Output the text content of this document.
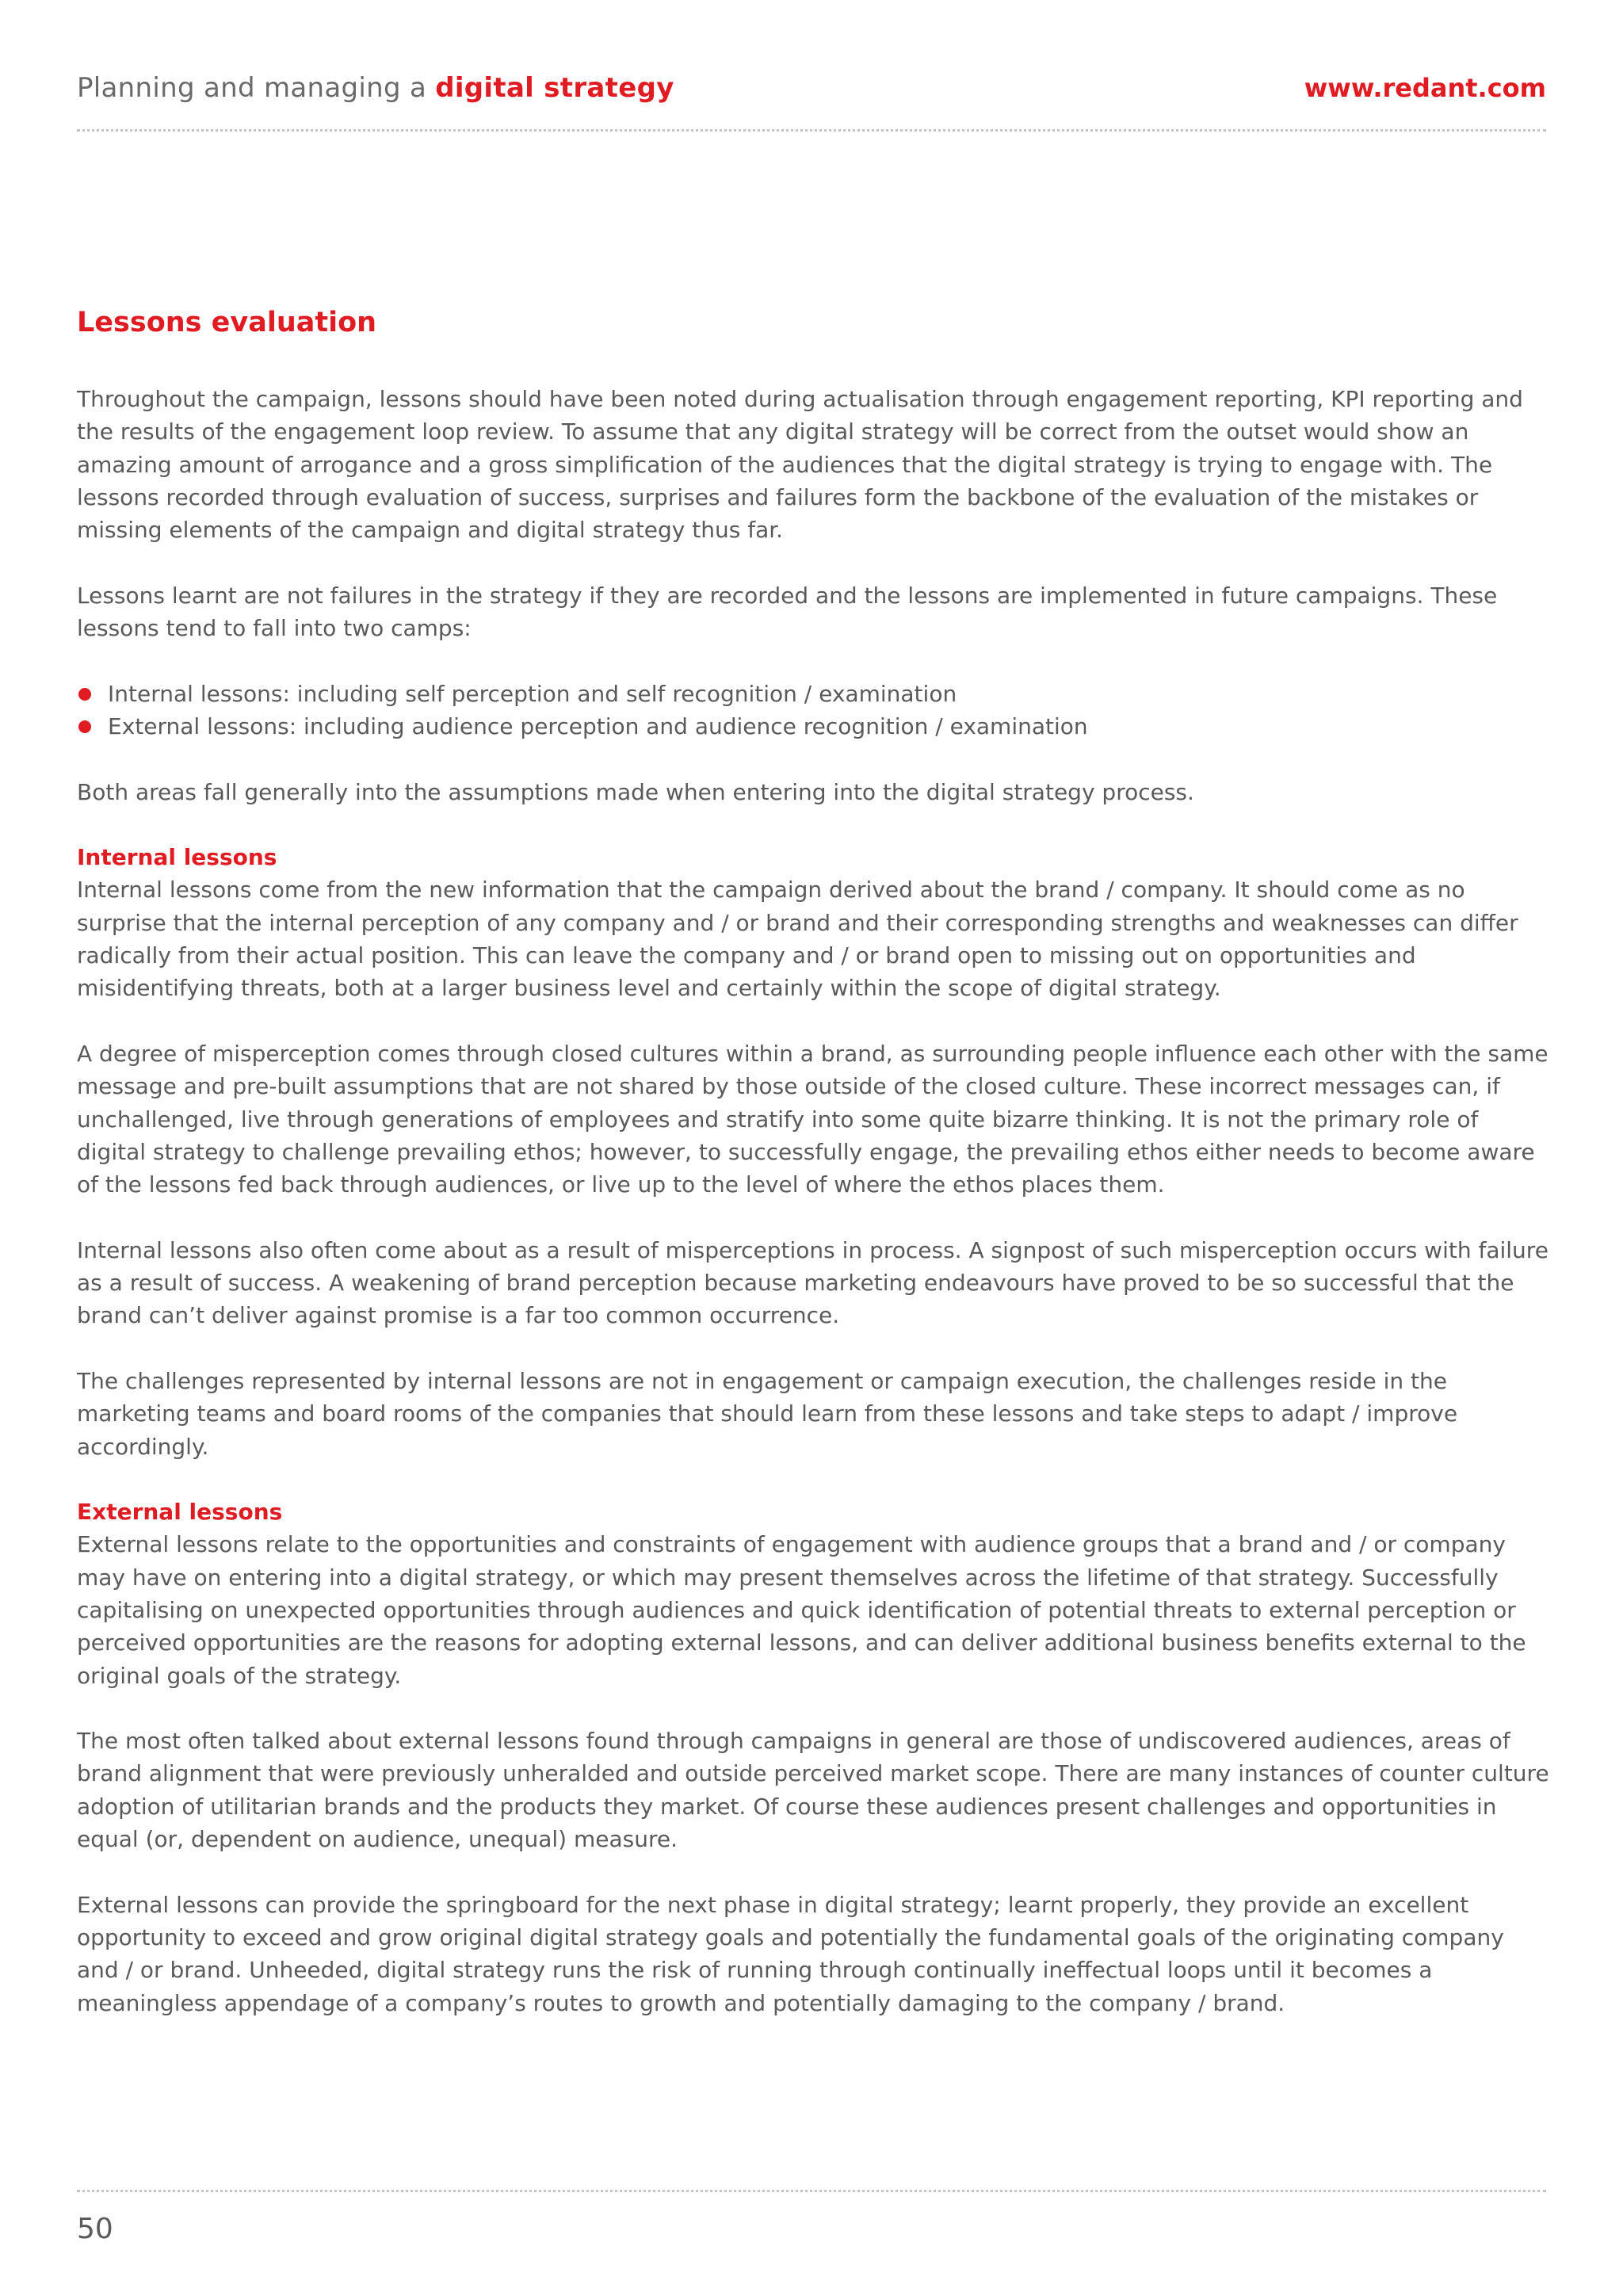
Planning and managing a digital strategy	www.redant.com
Lessons evaluation

Throughout the campaign, lessons should have been noted during actualisation through engagement reporting, KPI reporting and the results of the engagement loop review. To assume that any digital strategy will be correct from the outset would show an amazing amount of arrogance and a gross simplification of the audiences that the digital strategy is trying to engage with. The lessons recorded through evaluation of success, surprises and failures form the backbone of the evaluation of the mistakes or missing elements of the campaign and digital strategy thus far.

Lessons learnt are not failures in the strategy if they are recorded and the lessons are implemented in future campaigns. These lessons tend to fall into two camps:

Internal lessons: including self perception and self recognition / examination
External lessons: including audience perception and audience recognition / examination

Both areas fall generally into the assumptions made when entering into the digital strategy process.

Internal lessons

Internal lessons come from the new information that the campaign derived about the brand / company. It should come as no surprise that the internal perception of any company and / or brand and their corresponding strengths and weaknesses can differ radically from their actual position. This can leave the company and / or brand open to missing out on opportunities and misidentifying threats, both at a larger business level and certainly within the scope of digital strategy.

A degree of misperception comes through closed cultures within a brand, as surrounding people influence each other with the same message and pre-built assumptions that are not shared by those outside of the closed culture. These incorrect messages can, if unchallenged, live through generations of employees and stratify into some quite bizarre thinking. It is not the primary role of digital strategy to challenge prevailing ethos; however, to successfully engage, the prevailing ethos either needs to become aware of the lessons fed back through audiences, or live up to the level of where the ethos places them.

Internal lessons also often come about as a result of misperceptions in process. A signpost of such misperception occurs with failure as a result of success. A weakening of brand perception because marketing endeavours have proved to be so successful that the brand can’t deliver against promise is a far too common occurrence.

The challenges represented by internal lessons are not in engagement or campaign execution, the challenges reside in the marketing teams and board rooms of the companies that should learn from these lessons and take steps to adapt / improve accordingly.

External lessons

External lessons relate to the opportunities and constraints of engagement with audience groups that a brand and / or company may have on entering into a digital strategy, or which may present themselves across the lifetime of that strategy. Successfully capitalising on unexpected opportunities through audiences and quick identification of potential threats to external perception or perceived opportunities are the reasons for adopting external lessons, and can deliver additional business benefits external to the original goals of the strategy.

The most often talked about external lessons found through campaigns in general are those of undiscovered audiences, areas of brand alignment that were previously unheralded and outside perceived market scope. There are many instances of counter culture adoption of utilitarian brands and the products they market. Of course these audiences present challenges and opportunities in equal (or, dependent on audience, unequal) measure.

External lessons can provide the springboard for the next phase in digital strategy; learnt properly, they provide an excellent opportunity to exceed and grow original digital strategy goals and potentially the fundamental goals of the originating company and / or brand. Unheeded, digital strategy runs the risk of running through continually ineffectual loops until it becomes a meaningless appendage of a company’s routes to growth and potentially damaging to the company / brand.

50
